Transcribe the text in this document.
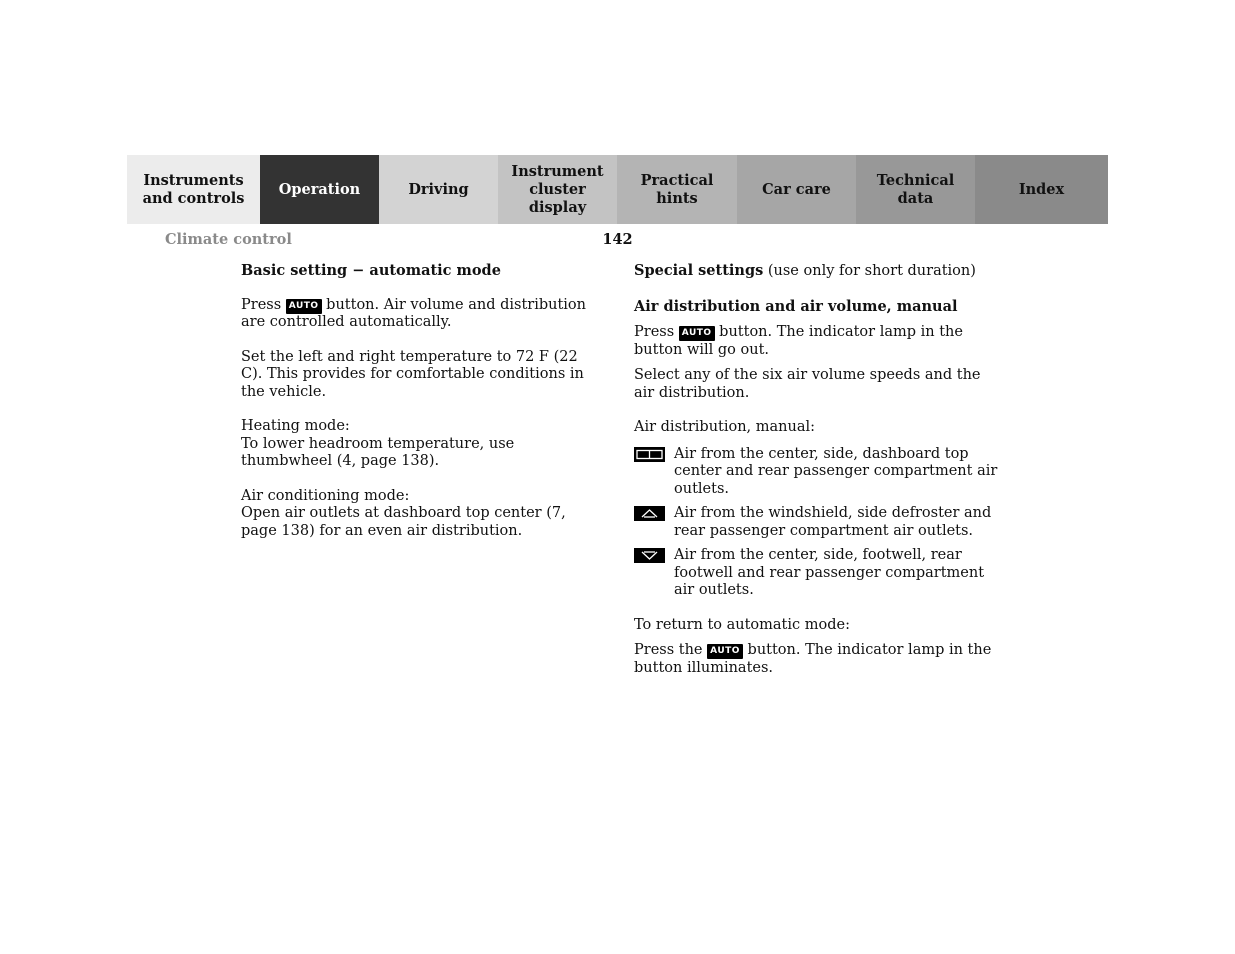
Instruments
and controls
Operation	Driving
Instrument
cluster display
Practical hints
Car care
Technical
data
Index
Climate control	142

Basic setting − automatic mode

Press AUTO button. Air volume and distribution are controlled automatically.

Set the left and right temperature to 72 F (22 C). This provides for comfortable conditions in the vehicle.

Heating mode:

To lower headroom temperature, use thumbwheel (4, page 138).

Air conditioning mode:

Open air outlets at dashboard top center (7, page 138) for an even air distribution.

Special settings (use only for short duration)

Air distribution and air volume, manual

Press AUTO button. The indicator lamp in the button will go out.

Select any of the six air volume speeds and the air distribution.

Air distribution, manual:

Air from the center, side, dashboard top center and rear passenger compartment air outlets.
Air from the windshield, side defroster and rear passenger compartment air outlets.
Air from the center, side, footwell, rear footwell and rear passenger compartment air outlets.

To return to automatic mode:

Press the AUTO button. The indicator lamp in the button illuminates.
